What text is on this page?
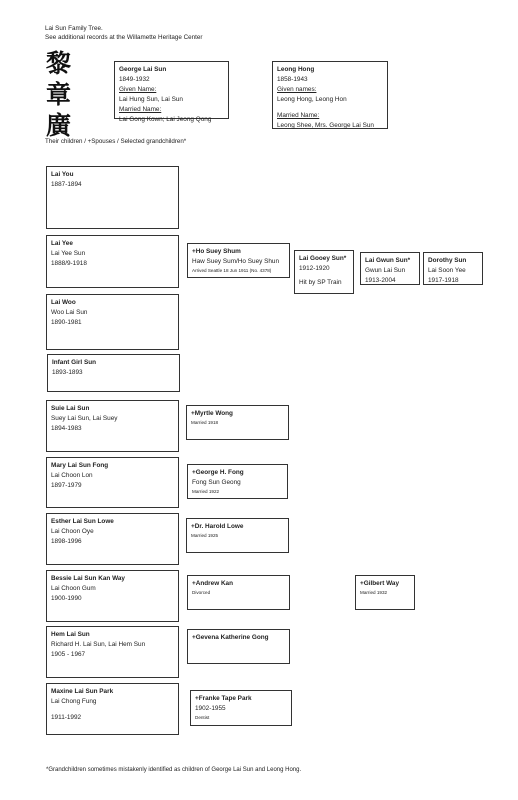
Lai Sun Family Tree.
See additional records at the Willamette Heritage Center
黎
章
廣
George Lai Sun
1849-1932
Given Name:
Lai Hung Sun, Lai Sun
Married Name:
Lai Gong Kown; Lai Jeong Qong
Leong Hong
1858-1943
Given names:
Leong Hong, Leong Hon
Married Name:
Leong Shee, Mrs. George Lai Sun
Their children / +Spouses / Selected grandchildren*
Lai You
1887-1894
Lai Yee
Lai Yee Sun
1888/9-1918
Lai Woo
Woo Lai Sun
1890-1981
Infant Girl Sun
1893-1893
Suie Lai Sun
Suey Lai Sun, Lai Suey
1894-1983
Mary Lai Sun Fong
Lai Choon Lon
1897-1979
Esther Lai Sun Lowe
Lai Choon Oye
1898-1996
Bessie Lai Sun Kan Way
Lai Choon Gum
1900-1990
Hem Lai Sun
Richard H. Lai Sun, Lai Hem Sun
1905 - 1967
Maxine Lai Sun Park
Lai Chong Fung
1911-1992
+Ho Suey Shum
Haw Suey Sum/Ho Suey Shun
Arrived Seattle 18 Jun 1911 (No. 4378)
+Myrtle Wong
Married 1918
+George H. Fong
Fong Sun Geong
Married 1922
+Dr. Harold Lowe
Married 1925
+Andrew Kan
Divorced
+Gilbert Way
Married 1932
+Gevena Katherine Gong
+Franke Tape Park
1902-1955
Dentist
Lai Gooey Sun*
1912-1920
Hit by SP Train
Lai Gwun Sun*
Gwun Lai Sun
1913-2004
Dorothy Sun
Lai Soon Yee
1917-1918
*Grandchildren sometimes mistakenly identified as children of George Lai Sun and Leong Hong.
